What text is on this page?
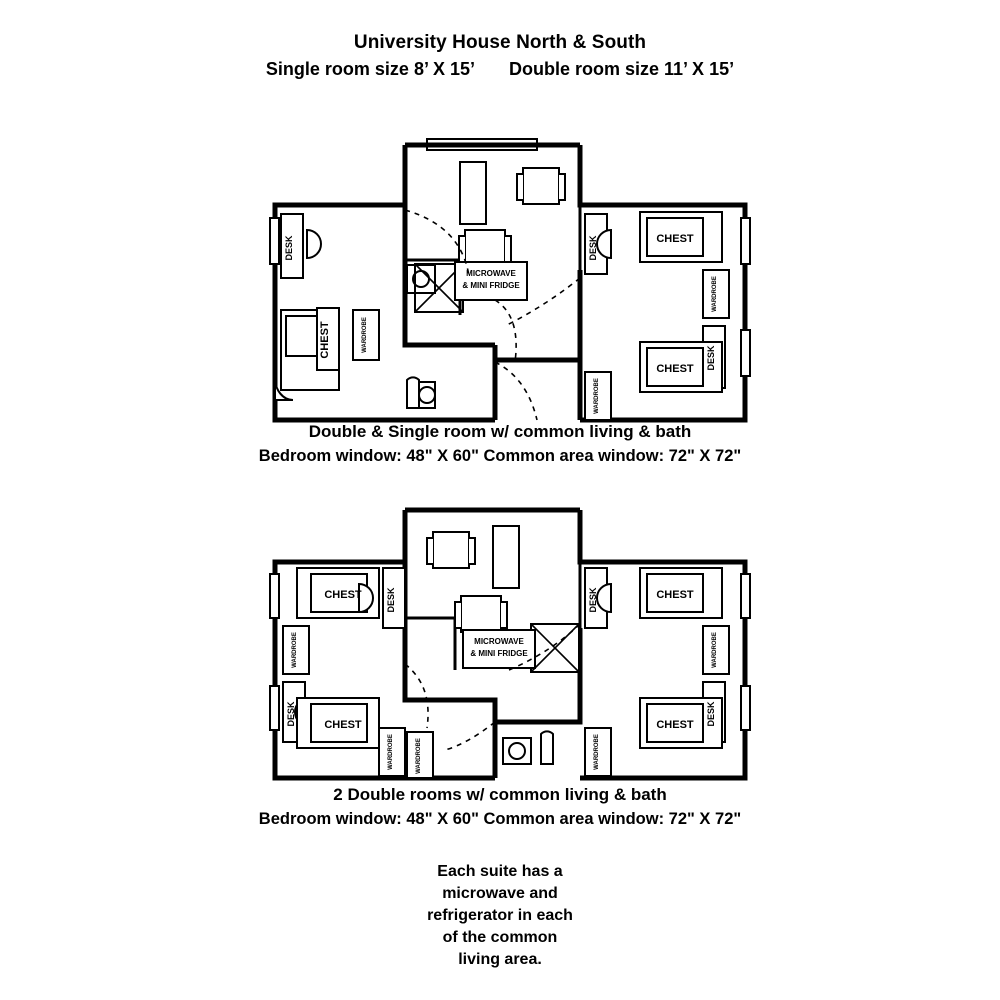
University House North & South
Single room size 8’ X 15’ Double room size 11’ X 15’
DESK
CHEST	WARDROBE
MICROWAVE
& MINI FRIDGE
DESK	CHEST
WARDROBE
DESK
CHEST
WARDROBE
Double & Single room w/ common living & bath
Bedroom window: 48" X 60" Common area window: 72" X 72"
CHEST
WARDROBE
DESK
DESK	CHEST
WARDROBE
MICROWAVE
& MINI FRIDGE
WARDROBE
DESK	CHEST
WARDROBE
DESK
CHEST
WARDROBE
2 Double rooms w/ common living & bath
Bedroom window: 48" X 60" Common area window: 72" X 72"
Each suite has a
microwave and
refrigerator in each
of the common
living area.
